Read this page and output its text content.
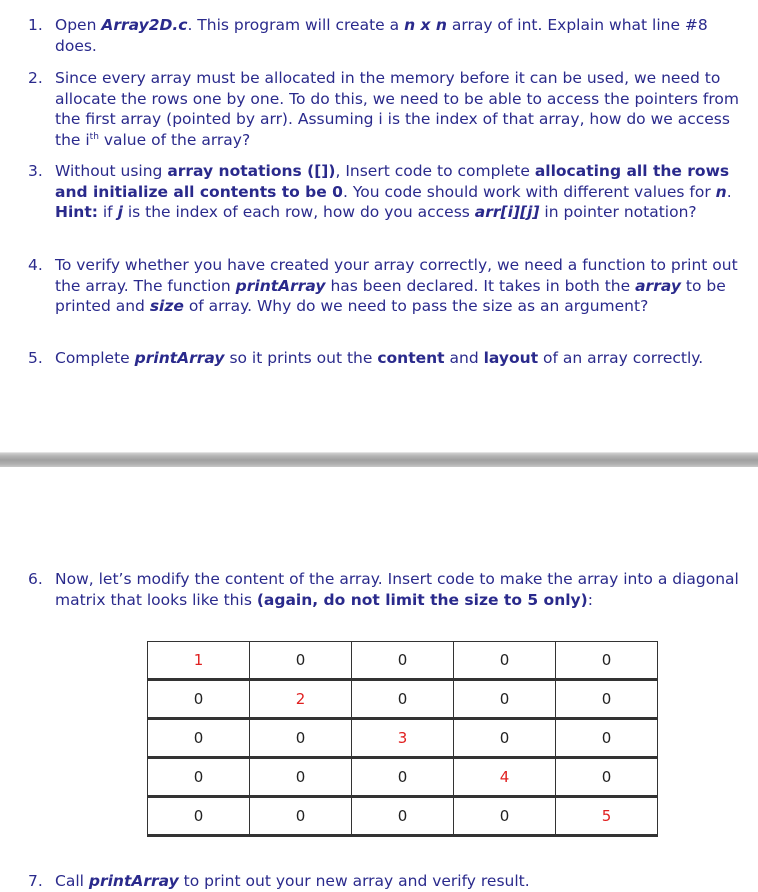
1. Open Array2D.c. This program will create a n x n array of int. Explain what line #8 does.
2. Since every array must be allocated in the memory before it can be used, we need to allocate the rows one by one. To do this, we need to be able to access the pointers from the first array (pointed by arr). Assuming i is the index of that array, how do we access the $i^{th}$ value of the array?
3. Without using array notations ([]), Insert code to complete allocating all the rows and initialize all contents to be 0. You code should work with different values for n. Hint: if j is the index of each row, how do you access arr[i][j] in pointer notation?
4. To verify whether you have created your array correctly, we need a function to print out the array. The function printArray has been declared. It takes in both the array to be printed and size of array. Why do we need to pass the size as an argument?
5. Complete printArray so it prints out the content and layout of an array correctly.
6. Now, let’s modify the content of the array. Insert code to make the array into a diagonal matrix that looks like this (again, do not limit the size to 5 only):
1	0	0	0	0
0	2	0	0	0
0	0	3	0	0
0	0	0	4	0
0	0	0	0	5
7. Call printArray to print out your new array and verify result.
